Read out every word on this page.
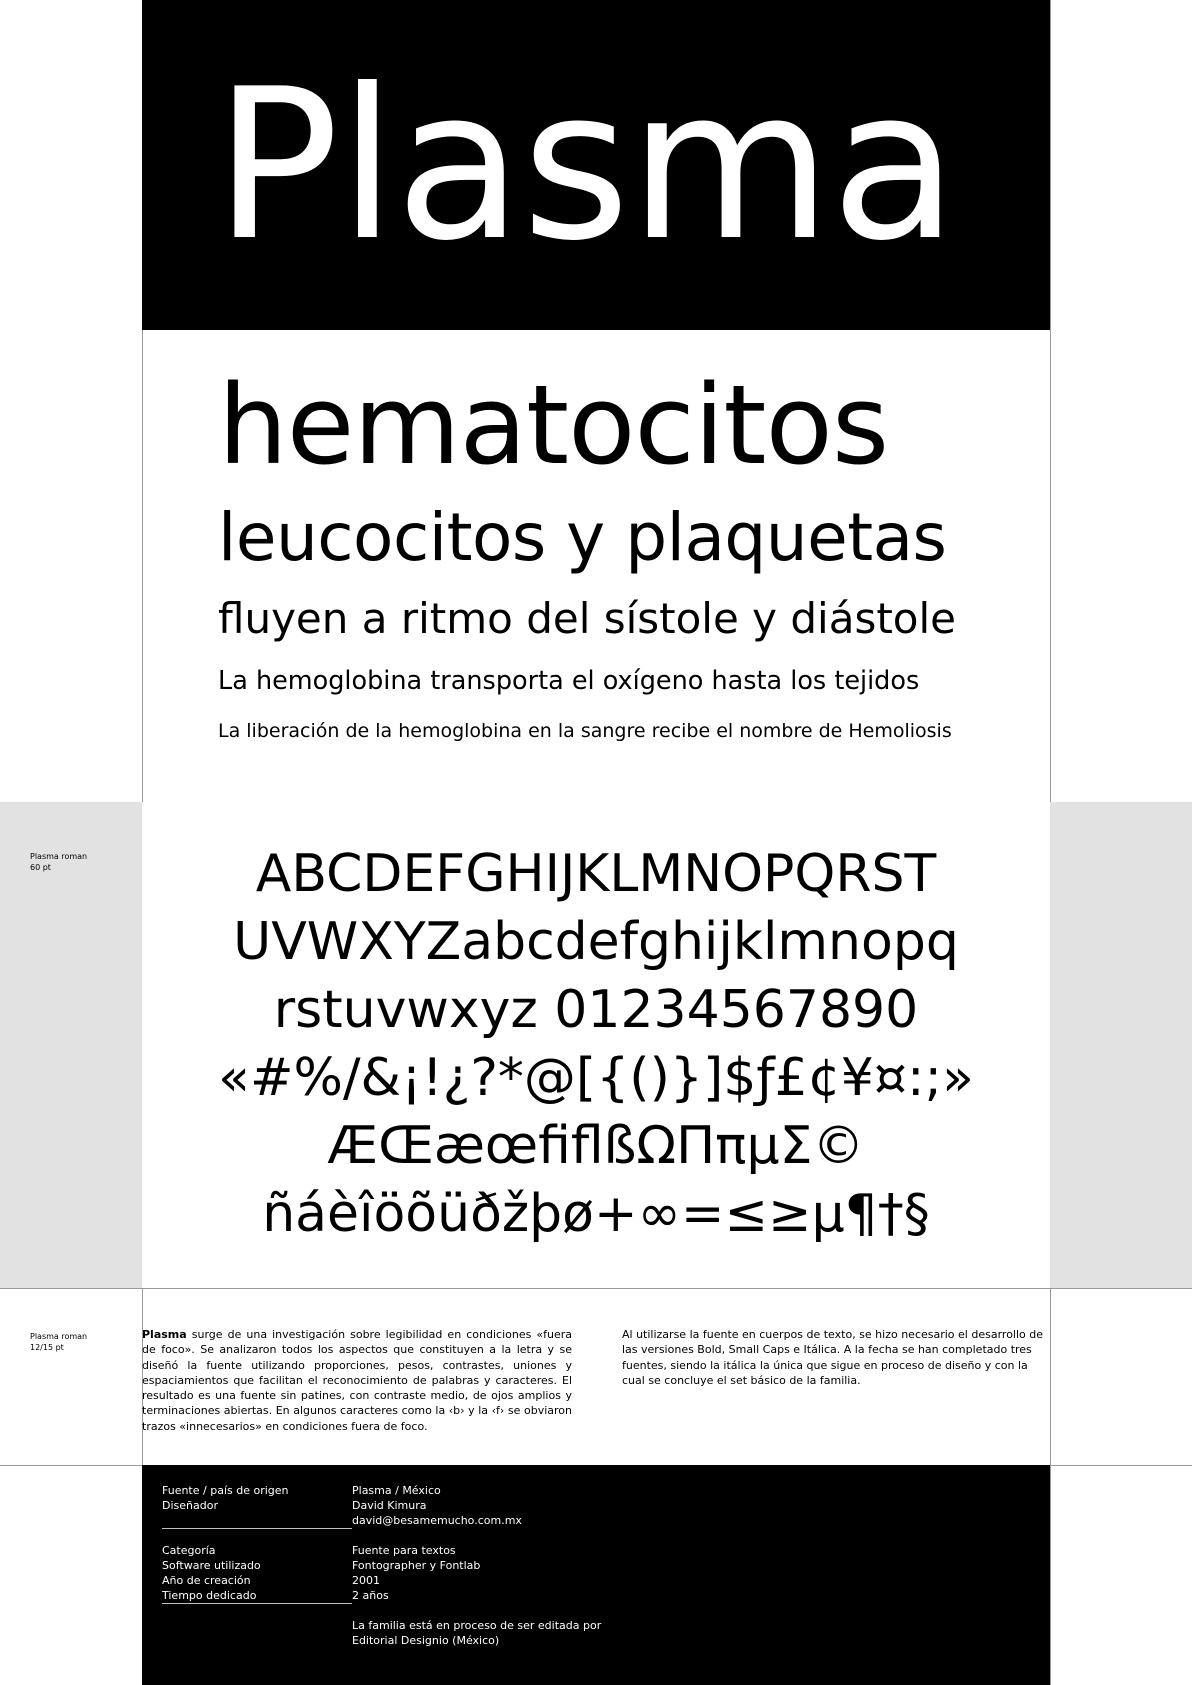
Plasma
hematocitos
leucocitos y plaquetas
fluyen a ritmo del sístole y diástole
La hemoglobina transporta el oxígeno hasta los tejidos
La liberación de la hemoglobina en la sangre recibe el nombre de Hemoliosis
Plasma roman
60 pt	ABCDEFGHIJKLMNOPQRST
UVWXYZabcdefghijklmnopq
rstuvwxyz 01234567890
«#%/&¡!¿?*@[{()}]$ƒ£¢¥¤:;»
ÆŒæœfiflßΩΠπµΣ©
ñáèîöõüðžþø+∞=≤≥µ¶†§
Plasma roman
12/15 pt
Plasma surge de una investigación sobre legibilidad en condiciones «fuera de foco». Se analizaron todos los aspectos que constituyen a la letra y se diseñó la fuente utilizando proporciones, pesos, contrastes, uniones y espaciamientos que facilitan el reconocimiento de palabras y caracteres. El resultado es una fuente sin patines, con contraste medio, de ojos amplios y terminaciones abiertas. En algunos caracteres como la ‹b› y la ‹f› se obviaron trazos «innecesarios» en condiciones fuera de foco.
Al utilizarse la fuente en cuerpos de texto, se hizo necesario el desarrollo de las versiones Bold, Small Caps e Itálica. A la fecha se han completado tres fuentes, siendo la itálica la única que sigue en proceso de diseño y con la cual se concluye el set básico de la familia.
Fuente / país de origen	Plasma / México
Diseñador	David Kimura
david@besamemucho.com.mx
Categoría	Fuente para textos
Software utilizado	Fontographer y Fontlab
Año de creación	2001
Tiempo dedicado	2 años
La familia está en proceso de ser editada por
Editorial Designio (México)
